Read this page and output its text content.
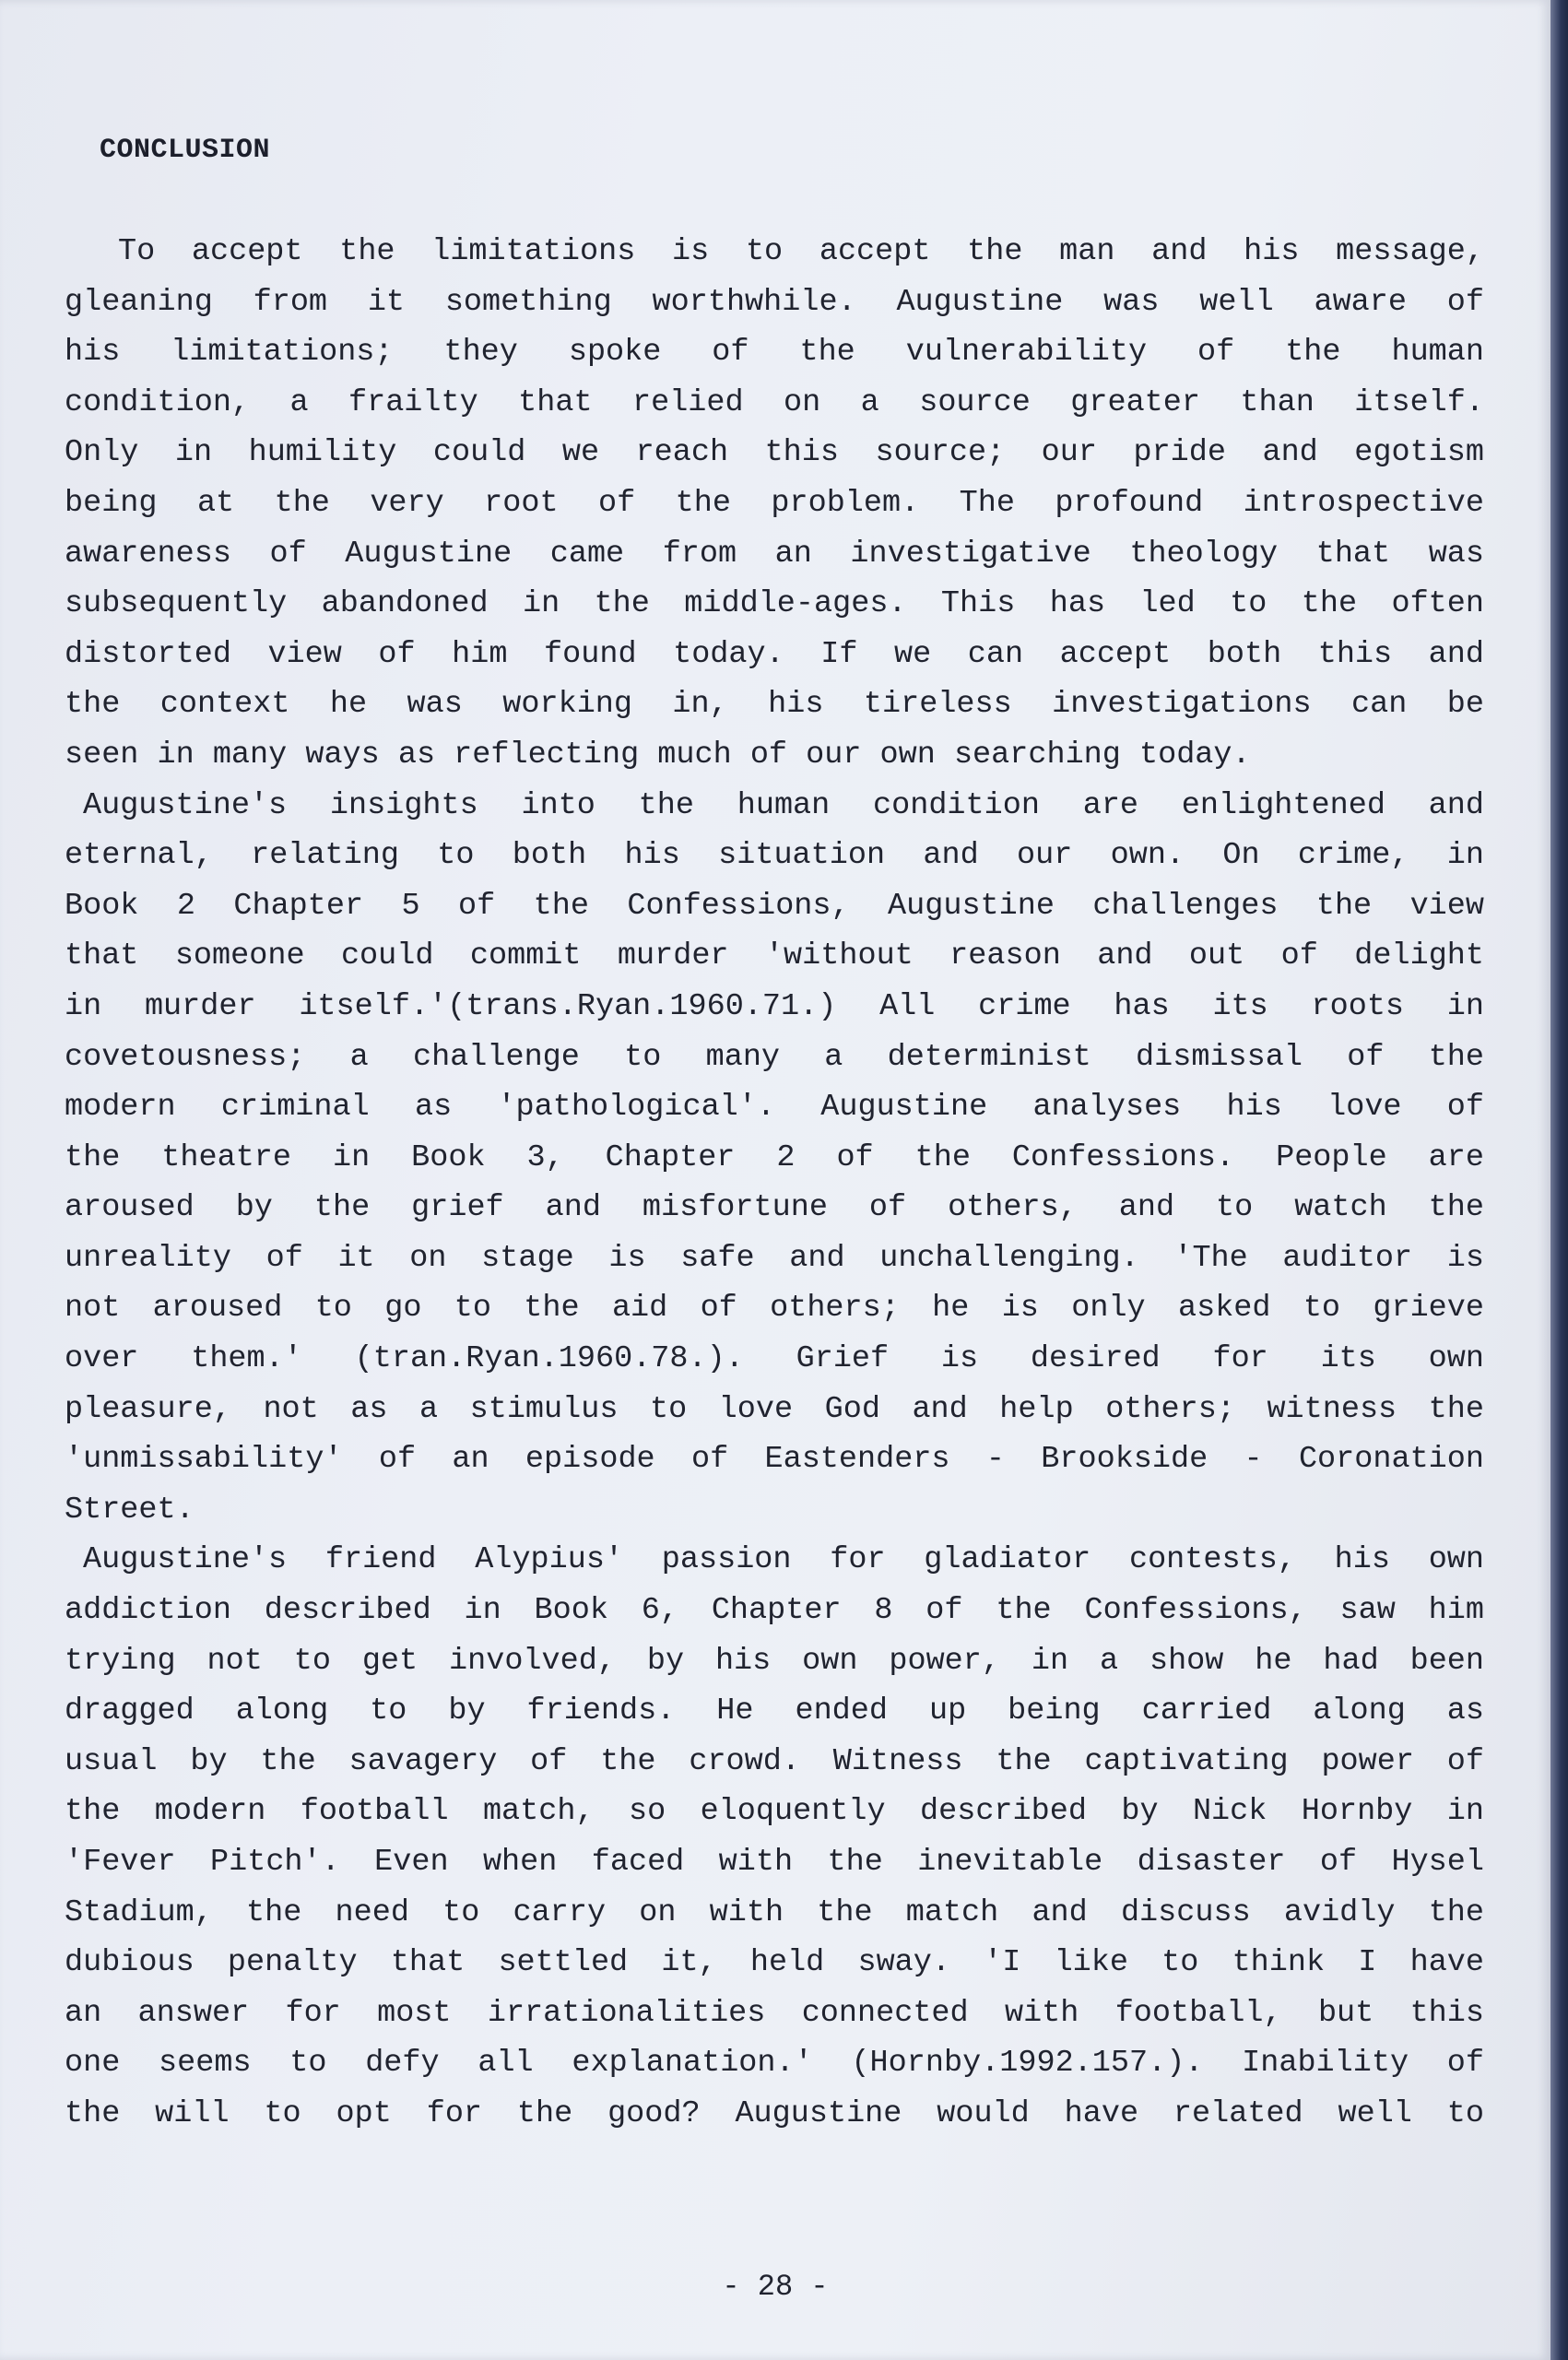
CONCLUSION

To accept the limitations is to accept the man and his message,
gleaning from it something worthwhile. Augustine was well aware of
his limitations; they spoke of the vulnerability of the human
condition, a frailty that relied on a source greater than itself.
Only in humility could we reach this source; our pride and egotism
being at the very root of the problem. The profound introspective
awareness of Augustine came from an investigative theology that was
subsequently abandoned in the middle-ages. This has led to the often
distorted view of him found today. If we can accept both this and
the context he was working in, his tireless investigations can be
seen in many ways as reflecting much of our own searching today.

Augustine's insights into the human condition are enlightened and
eternal, relating to both his situation and our own. On crime, in
Book 2 Chapter 5 of the Confessions, Augustine challenges the view
that someone could commit murder 'without reason and out of delight
in murder itself.'(trans.Ryan.1960.71.) All crime has its roots in
covetousness; a challenge to many a determinist dismissal of the
modern criminal as 'pathological'. Augustine analyses his love of
the theatre in Book 3, Chapter 2 of the Confessions. People are
aroused by the grief and misfortune of others, and to watch the
unreality of it on stage is safe and unchallenging. 'The auditor is
not aroused to go to the aid of others; he is only asked to grieve
over them.' (tran.Ryan.1960.78.). Grief is desired for its own
pleasure, not as a stimulus to love God and help others; witness the
'unmissability' of an episode of Eastenders - Brookside - Coronation
Street.

Augustine's friend Alypius' passion for gladiator contests, his own
addiction described in Book 6, Chapter 8 of the Confessions, saw him
trying not to get involved, by his own power, in a show he had been
dragged along to by friends. He ended up being carried along as
usual by the savagery of the crowd. Witness the captivating power of
the modern football match, so eloquently described by Nick Hornby in
'Fever Pitch'. Even when faced with the inevitable disaster of Hysel
Stadium, the need to carry on with the match and discuss avidly the
dubious penalty that settled it, held sway. 'I like to think I have
an answer for most irrationalities connected with football, but this
one seems to defy all explanation.' (Hornby.1992.157.). Inability of
the will to opt for the good? Augustine would have related well to

- 28 -
